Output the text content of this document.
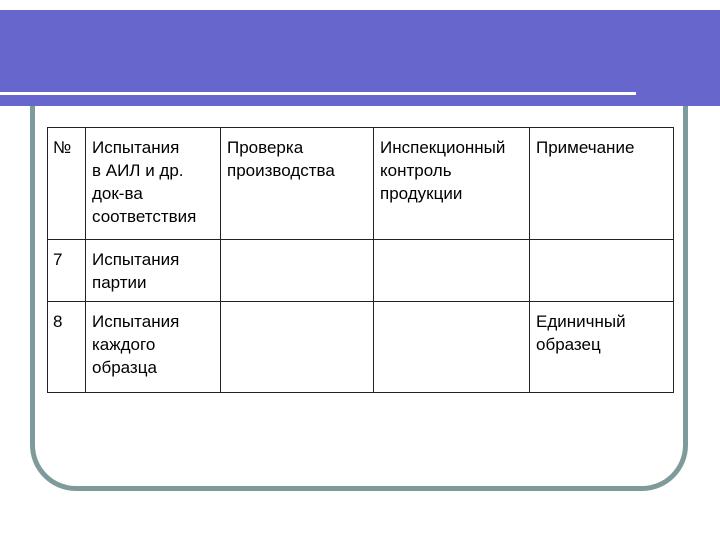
№	Испытания
в АИЛ и др.
док-ва
соответствия	Проверка
производства	Инспекционный
контроль
продукции	Примечание
7	Испытания
партии			
8	Испытания
каждого
образца			Единичный
образец
